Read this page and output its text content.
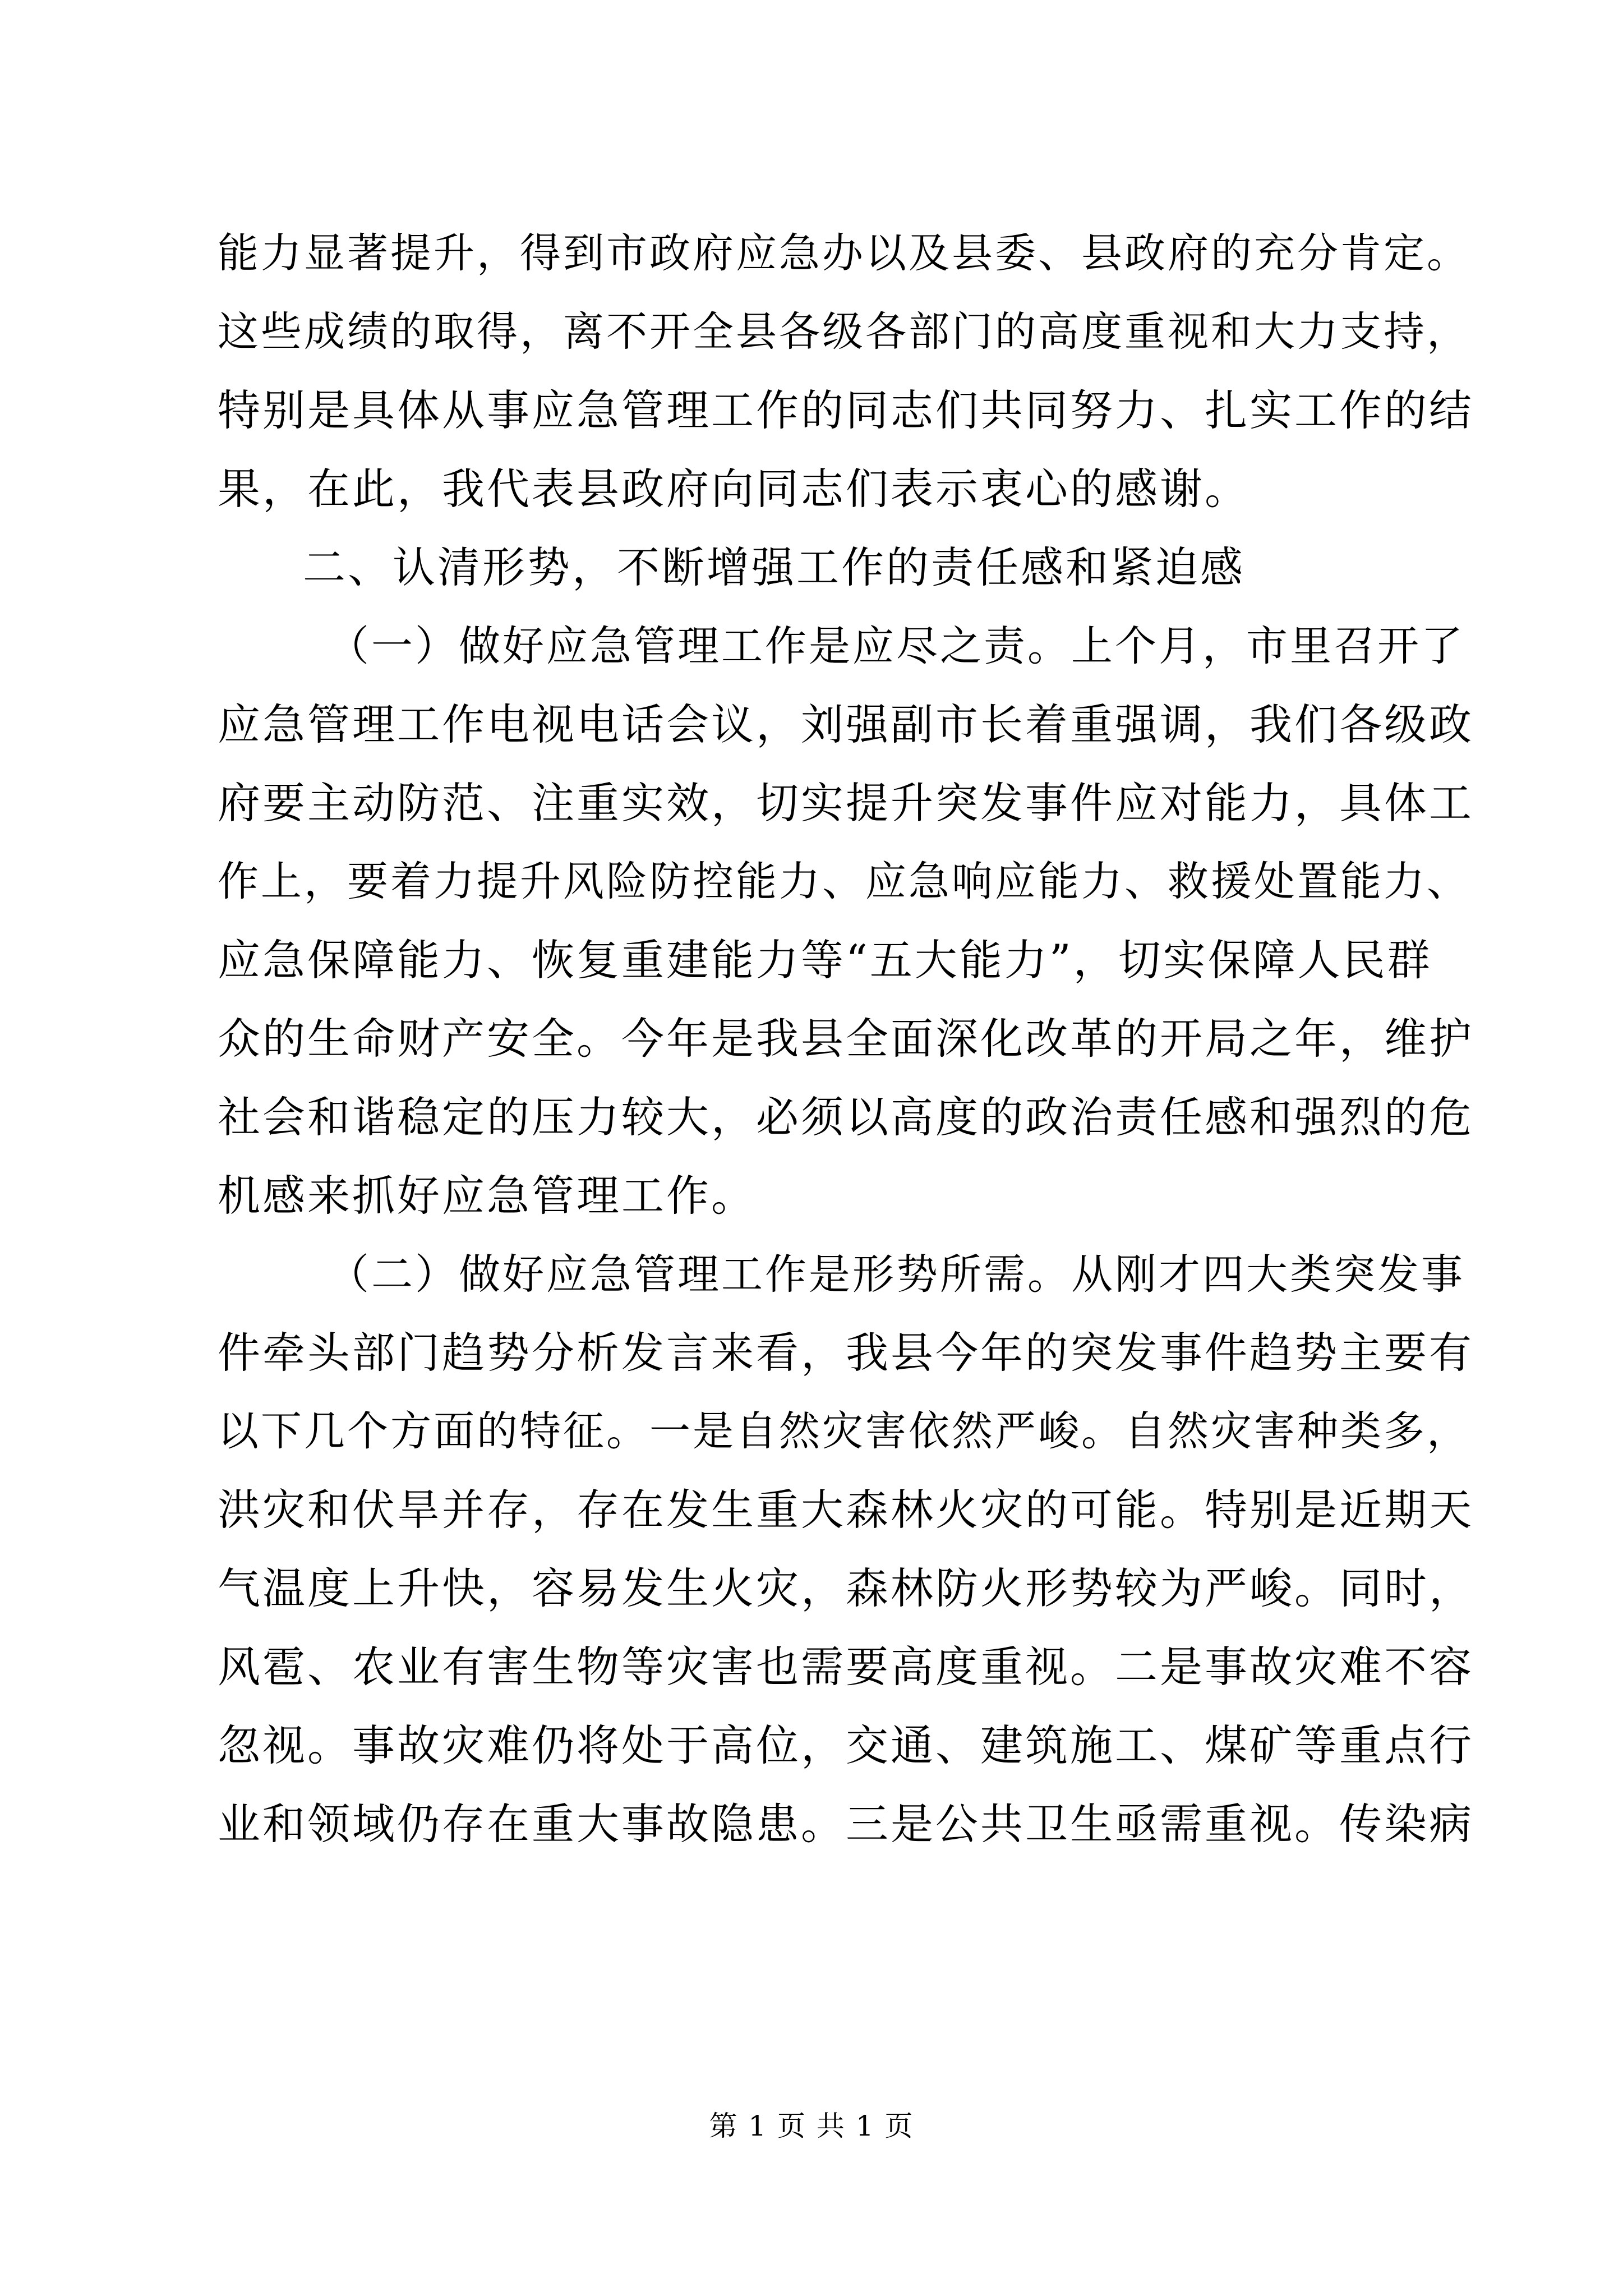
能力显著提升，得到市政府应急办以及县委、县政府的充分肯定。
这些成绩的取得，离不开全县各级各部门的高度重视和大力支持，
特别是具体从事应急管理工作的同志们共同努力、扎实工作的结
果，在此，我代表县政府向同志们表示衷心的感谢。
二、认清形势，不断增强工作的责任感和紧迫感
（一）做好应急管理工作是应尽之责。上个月，市里召开了
应急管理工作电视电话会议，刘强副市长着重强调，我们各级政
府要主动防范、注重实效，切实提升突发事件应对能力，具体工
作上，要着力提升风险防控能力、应急响应能力、救援处置能力、
应急保障能力、恢复重建能力等“五大能力”，切实保障人民群
众的生命财产安全。今年是我县全面深化改革的开局之年，维护
社会和谐稳定的压力较大，必须以高度的政治责任感和强烈的危
机感来抓好应急管理工作。
（二）做好应急管理工作是形势所需。从刚才四大类突发事
件牵头部门趋势分析发言来看，我县今年的突发事件趋势主要有
以下几个方面的特征。一是自然灾害依然严峻。自然灾害种类多，
洪灾和伏旱并存，存在发生重大森林火灾的可能。特别是近期天
气温度上升快，容易发生火灾，森林防火形势较为严峻。同时，
风雹、农业有害生物等灾害也需要高度重视。二是事故灾难不容
忽视。事故灾难仍将处于高位，交通、建筑施工、煤矿等重点行
业和领域仍存在重大事故隐患。三是公共卫生亟需重视。传染病
第 1 页 共 1 页
